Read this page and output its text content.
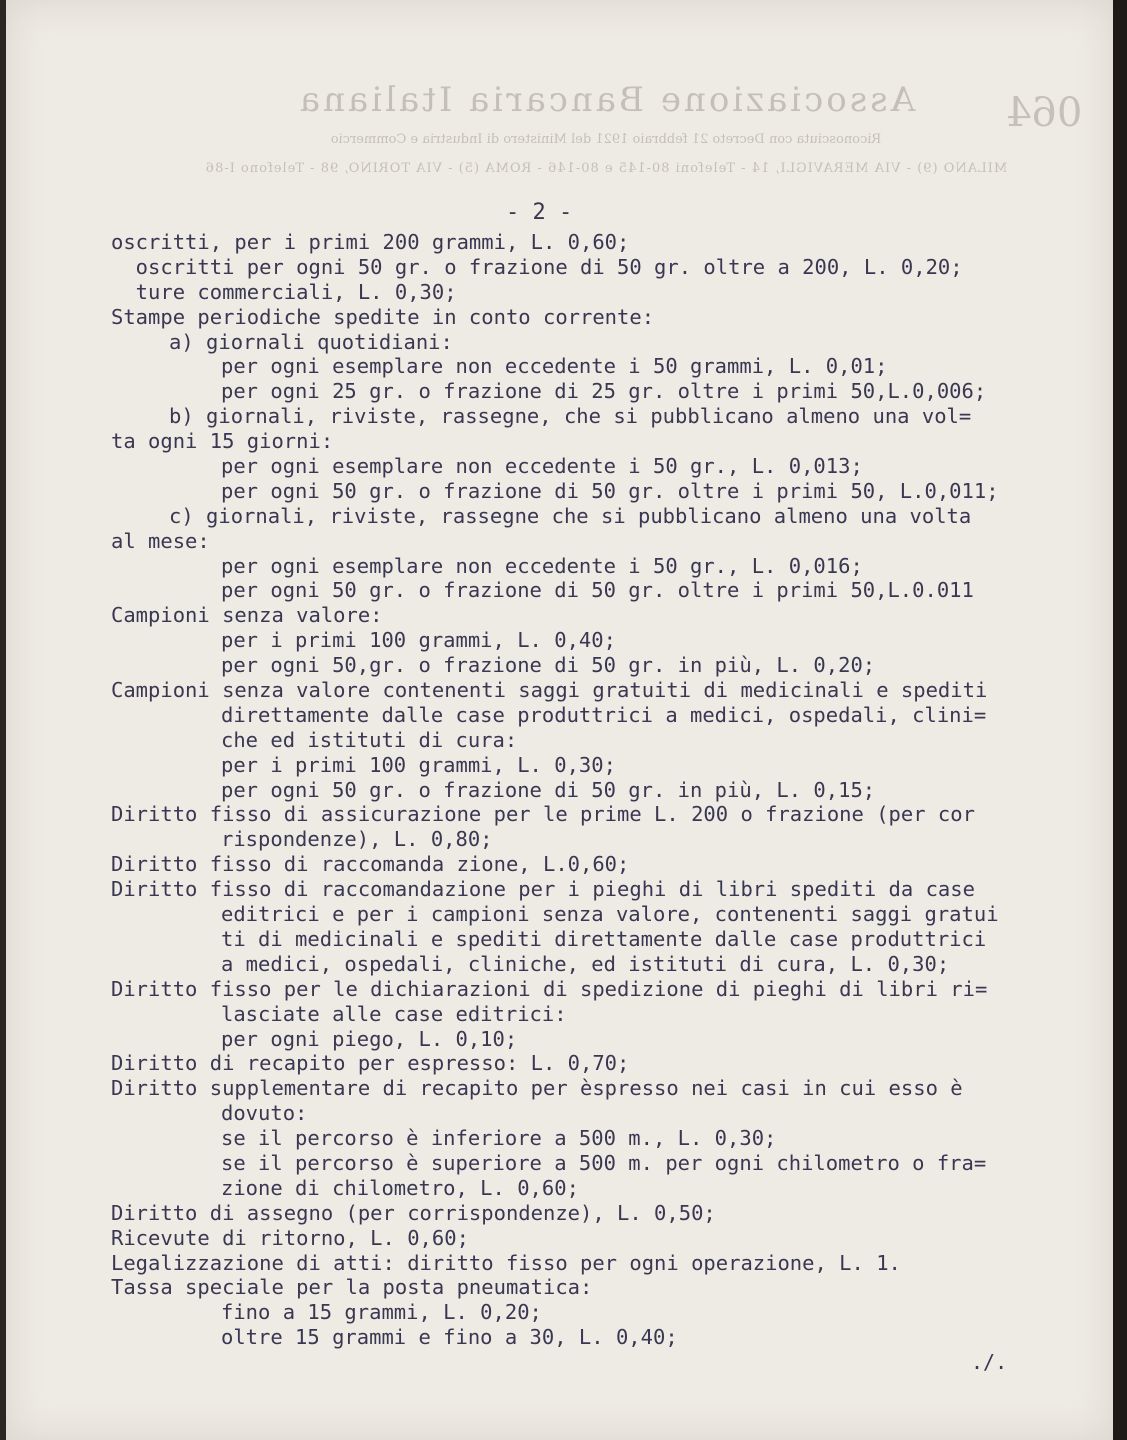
Associazione Bancaria Italiana
Riconosciuta con Decreto 21 febbraio 1921 del Ministero di Industria e Commercio
MILANO (9) - VIA MERAVIGLI, 14 - Telefoni 80-145 e 80-146 - ROMA (5) - VIA TORINO, 98 - Telefono I-86
064
- 2 -
oscritti, per i primi 200 grammi, L. 0,60;
oscritti per ogni 50 gr. o frazione di 50 gr. oltre a 200, L. 0,20;
ture commerciali, L. 0,30;
Stampe periodiche spedite in conto corrente:
a) giornali quotidiani:
per ogni esemplare non eccedente i 50 grammi, L. 0,01;
per ogni 25 gr. o frazione di 25 gr. oltre i primi 50,L.0,006;
b) giornali, riviste, rassegne, che si pubblicano almeno una vol=
ta ogni 15 giorni:
per ogni esemplare non eccedente i 50 gr., L. 0,013;
per ogni 50 gr. o frazione di 50 gr. oltre i primi 50, L.0,011;
c) giornali, riviste, rassegne che si pubblicano almeno una volta
al mese:
per ogni esemplare non eccedente i 50 gr., L. 0,016;
per ogni 50 gr. o frazione di 50 gr. oltre i primi 50,L.0.011
Campioni senza valore:
per i primi 100 grammi, L. 0,40;
per ogni 50,gr. o frazione di 50 gr. in più, L. 0,20;
Campioni senza valore contenenti saggi gratuiti di medicinali e spediti
direttamente dalle case produttrici a medici, ospedali, clini=
che ed istituti di cura:
per i primi 100 grammi, L. 0,30;
per ogni 50 gr. o frazione di 50 gr. in più, L. 0,15;
Diritto fisso di assicurazione per le prime L. 200 o frazione (per cor
rispondenze), L. 0,80;
Diritto fisso di raccomanda zione, L.0,60;
Diritto fisso di raccomandazione per i pieghi di libri spediti da case
editrici e per i campioni senza valore, contenenti saggi gratui
ti di medicinali e spediti direttamente dalle case produttrici
a medici, ospedali, cliniche, ed istituti di cura, L. 0,30;
Diritto fisso per le dichiarazioni di spedizione di pieghi di libri ri=
lasciate alle case editrici:
per ogni piego, L. 0,10;
Diritto di recapito per espresso: L. 0,70;
Diritto supplementare di recapito per èspresso nei casi in cui esso è
dovuto:
se il percorso è inferiore a 500 m., L. 0,30;
se il percorso è superiore a 500 m. per ogni chilometro o fra=
zione di chilometro, L. 0,60;
Diritto di assegno (per corrispondenze), L. 0,50;
Ricevute di ritorno, L. 0,60;
Legalizzazione di atti: diritto fisso per ogni operazione, L. 1.
Tassa speciale per la posta pneumatica:
fino a 15 grammi, L. 0,20;
oltre 15 grammi e fino a 30, L. 0,40;
./.
